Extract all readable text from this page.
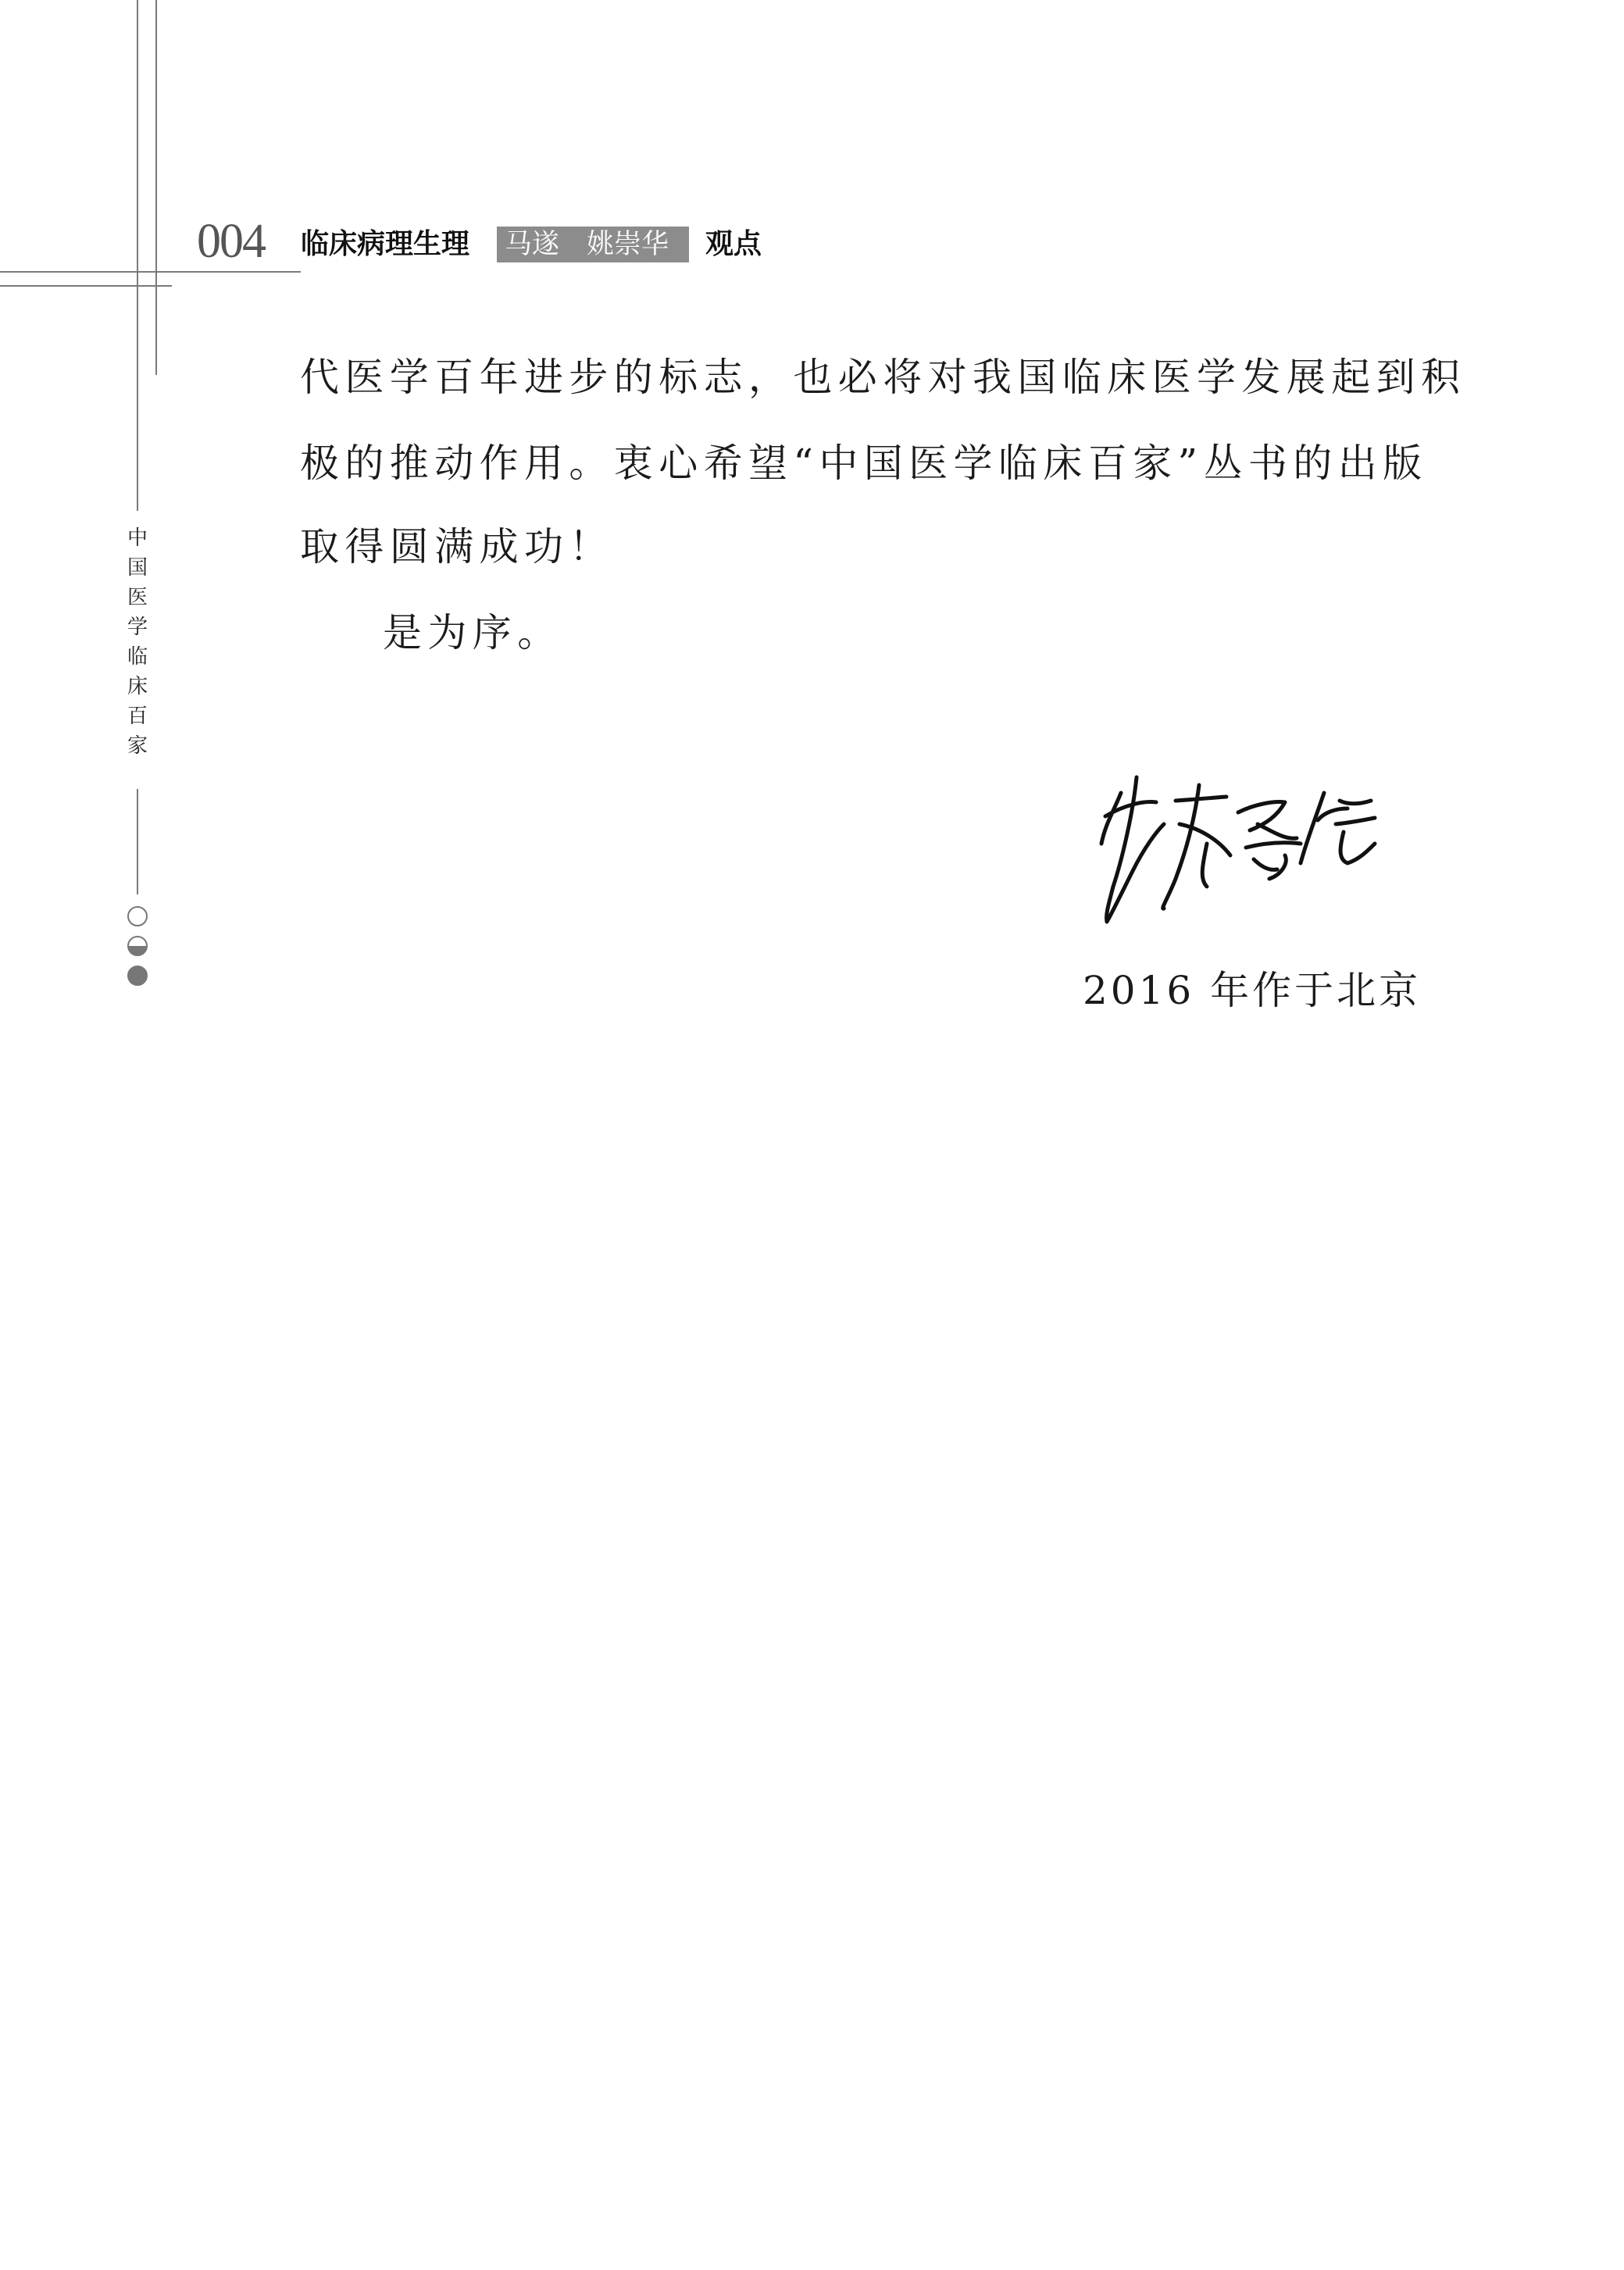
004 临床病理生理 马遂　姚崇华	观点
中国医学临床百家
代医学百年进步的标志，也必将对我国临床医学发展起到积
极的推动作用。衷心希望“中国医学临床百家”丛书的出版
取得圆满成功！
是为序。
2016 年作于北京
